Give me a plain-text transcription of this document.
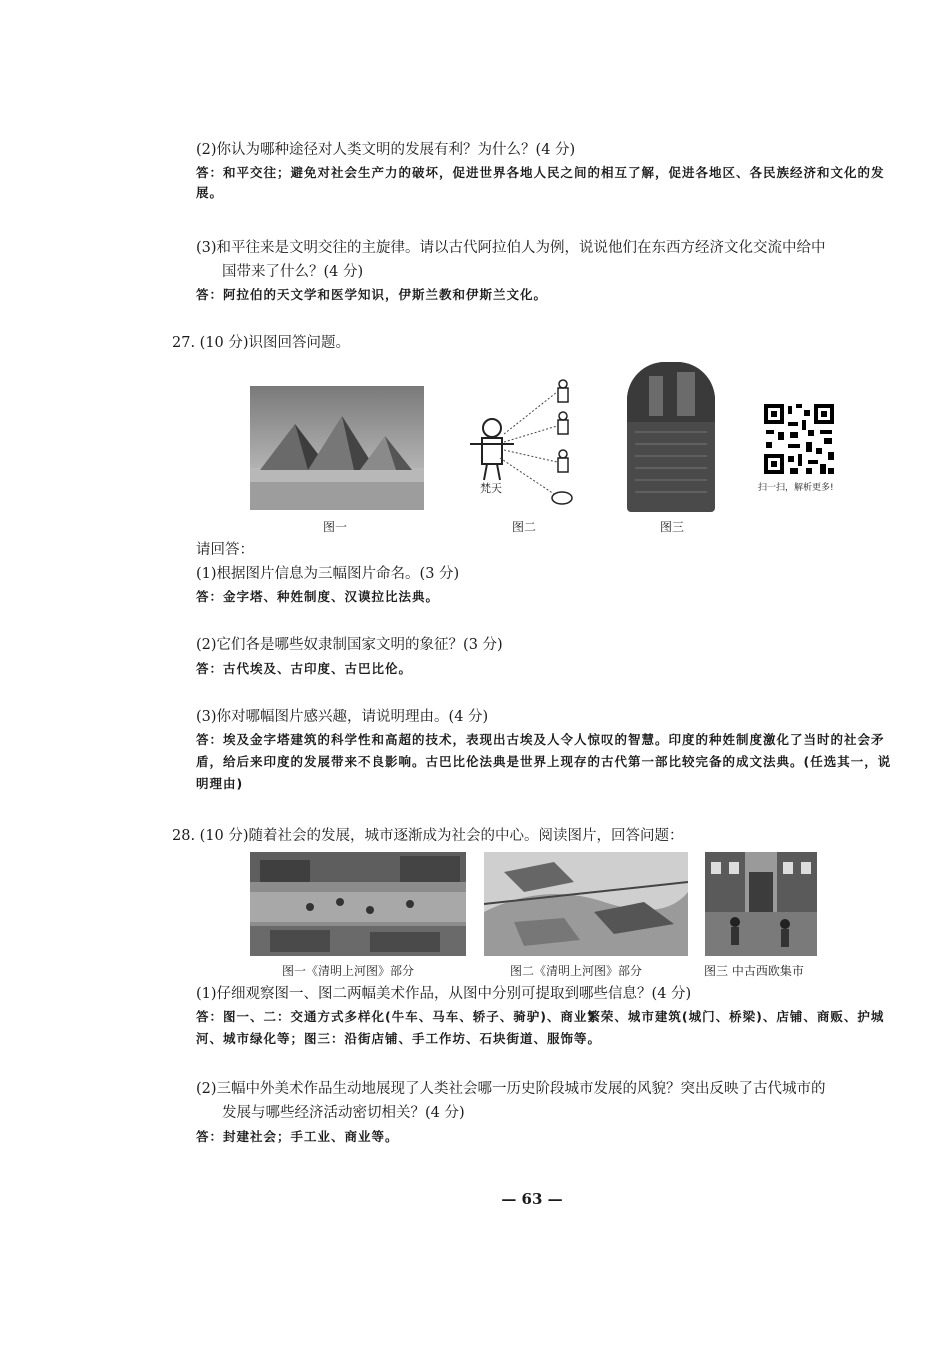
(2)你认为哪种途径对人类文明的发展有利？为什么？(4 分)
答：和平交往；避免对社会生产力的破坏，促进世界各地人民之间的相互了解，促进各地区、各民族经济和文化的发展。
(3)和平往来是文明交往的主旋律。请以古代阿拉伯人为例，说说他们在东西方经济文化交流中给中
国带来了什么？(4 分)
答：阿拉伯的天文学和医学知识，伊斯兰教和伊斯兰文化。
27. (10 分)识图回答问题。
梵天	扫一扫，解析更多!
图一	图二	图三
请回答：
(1)根据图片信息为三幅图片命名。(3 分)
答：金字塔、种姓制度、汉谟拉比法典。
(2)它们各是哪些奴隶制国家文明的象征？(3 分)
答：古代埃及、古印度、古巴比伦。
(3)你对哪幅图片感兴趣，请说明理由。(4 分)
答：埃及金字塔建筑的科学性和高超的技术，表现出古埃及人令人惊叹的智慧。印度的种姓制度激化了当时的社会矛盾，给后来印度的发展带来不良影响。古巴比伦法典是世界上现存的古代第一部比较完备的成文法典。(任选其一，说明理由)
28. (10 分)随着社会的发展，城市逐渐成为社会的中心。阅读图片，回答问题：
图一《清明上河图》部分	图二《清明上河图》部分	图三 中古西欧集市
(1)仔细观察图一、图二两幅美术作品，从图中分别可提取到哪些信息？(4 分)
答：图一、二：交通方式多样化(牛车、马车、轿子、骑驴)、商业繁荣、城市建筑(城门、桥梁)、店铺、商贩、护城河、城市绿化等；图三：沿街店铺、手工作坊、石块街道、服饰等。
(2)三幅中外美术作品生动地展现了人类社会哪一历史阶段城市发展的风貌？突出反映了古代城市的
发展与哪些经济活动密切相关？(4 分)
答：封建社会；手工业、商业等。
— 63 —
